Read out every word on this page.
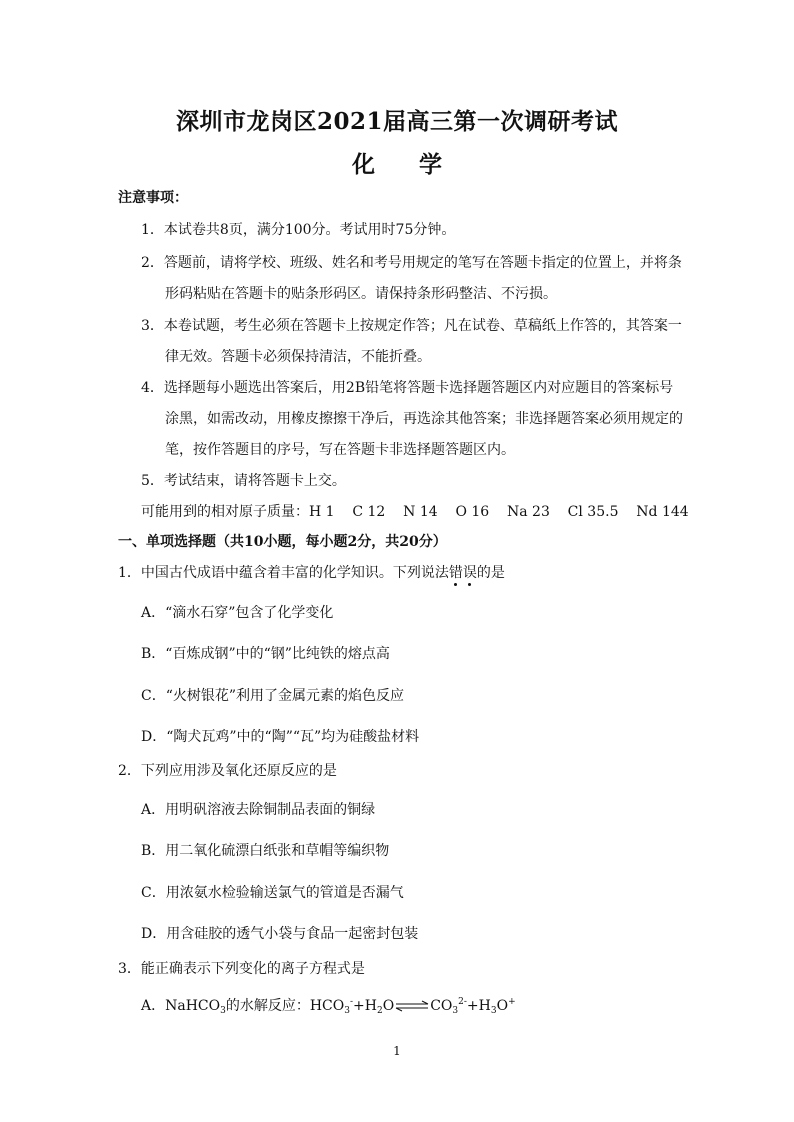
深圳市龙岗区2021届高三第一次调研考试
化 学
注意事项：
1．本试卷共8页，满分100分。考试用时75分钟。
2．答题前，请将学校、班级、姓名和考号用规定的笔写在答题卡指定的位置上，并将条
形码粘贴在答题卡的贴条形码区。请保持条形码整洁、不污损。
3．本卷试题，考生必须在答题卡上按规定作答；凡在试卷、草稿纸上作答的，其答案一
律无效。答题卡必须保持清洁，不能折叠。
4．选择题每小题选出答案后，用2B铅笔将答题卡选择题答题区内对应题目的答案标号
涂黑，如需改动，用橡皮擦擦干净后，再选涂其他答案；非选择题答案必须用规定的
笔，按作答题目的序号，写在答题卡非选择题答题区内。
5．考试结束，请将答题卡上交。
可能用到的相对原子质量：H 1    C 12    N 14    O 16    Na 23    Cl 35.5    Nd 144
一、单项选择题（共10小题，每小题2分，共20分）
1．中国古代成语中蕴含着丰富的化学知识。下列说法错误的是
A．“滴水石穿”包含了化学变化
B．“百炼成钢”中的“钢”比纯铁的熔点高
C．“火树银花”利用了金属元素的焰色反应
D．“陶犬瓦鸡”中的“陶”“瓦”均为硅酸盐材料
2．下列应用涉及氧化还原反应的是
A．用明矾溶液去除铜制品表面的铜绿
B．用二氧化硫漂白纸张和草帽等编织物
C．用浓氨水检验输送氯气的管道是否漏气
D．用含硅胶的透气小袋与食品一起密封包装
3．能正确表示下列变化的离子方程式是
A．NaHCO$_3$的水解反应：$HCO_3^-+H_2O\rightleftharpoons CO_3^{2-}+H_3O^+$
1
